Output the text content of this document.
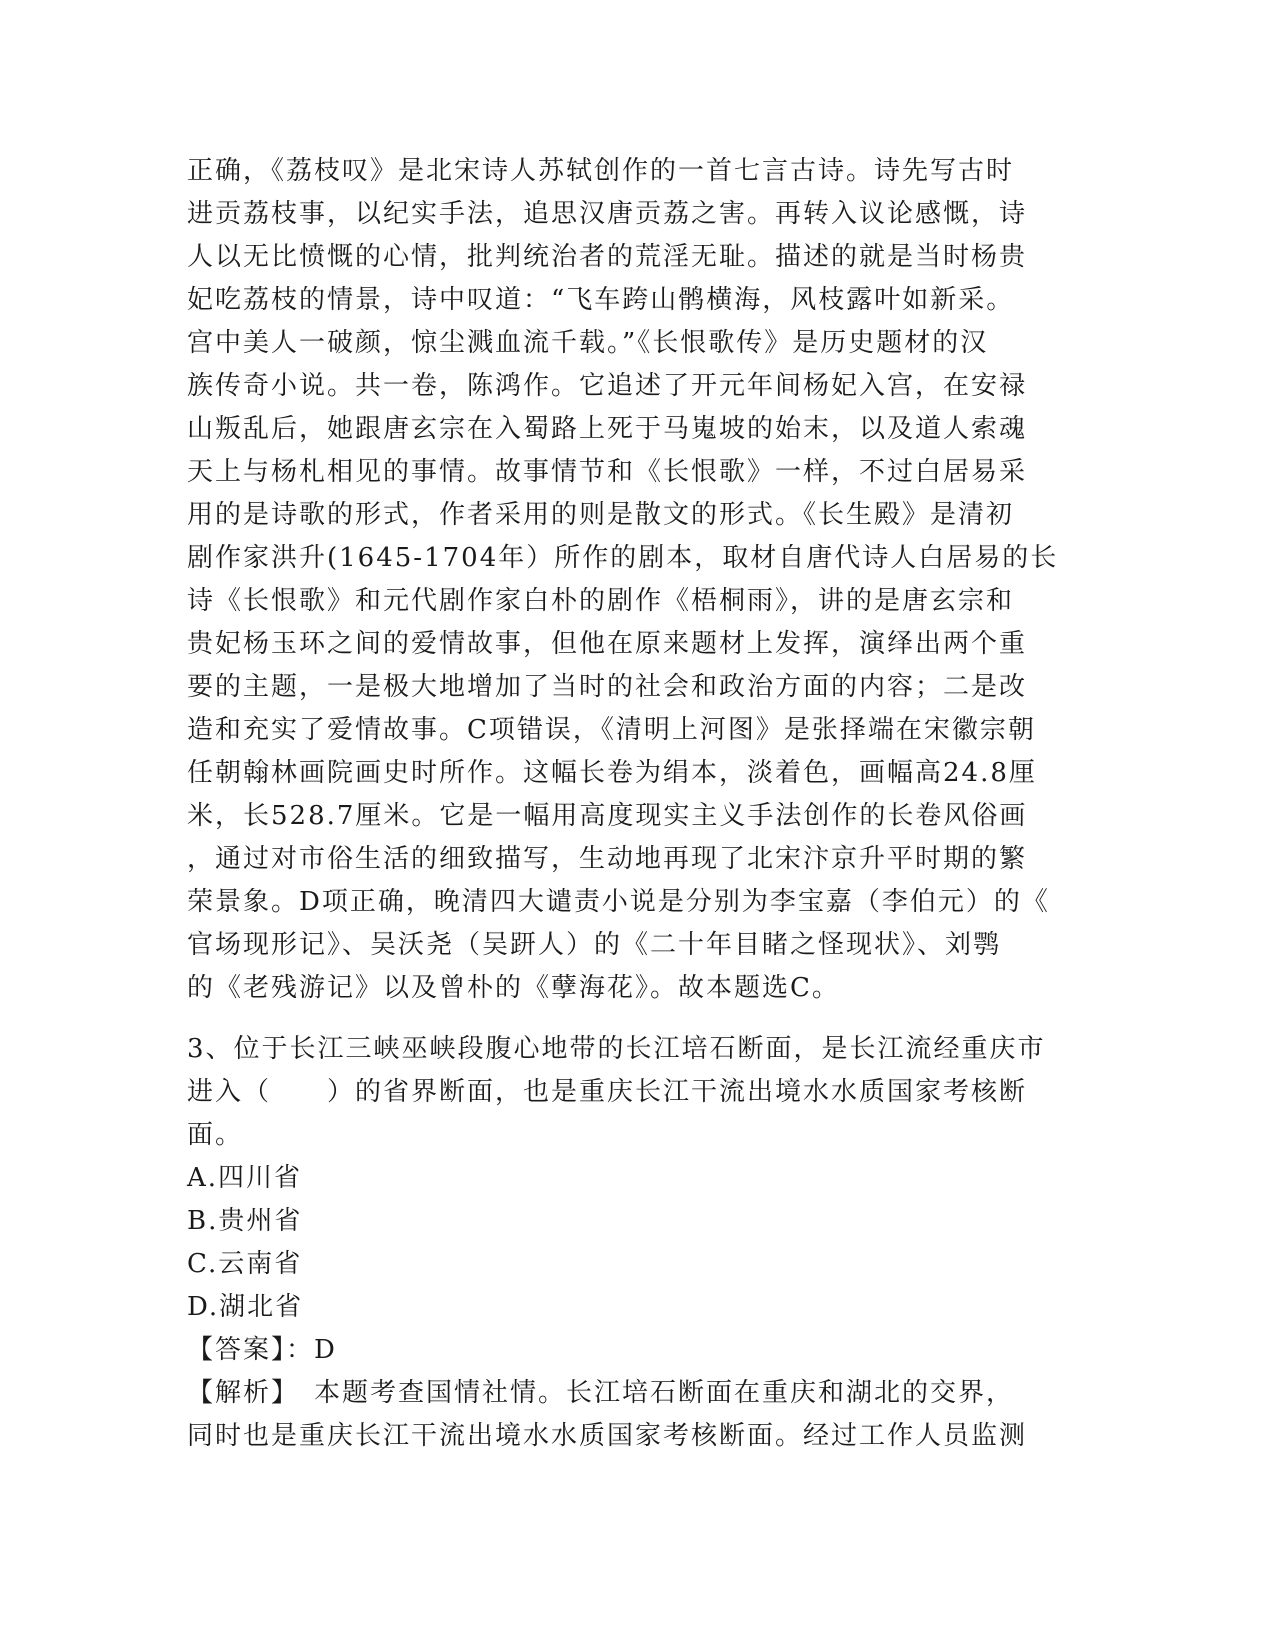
正确，《荔枝叹》是北宋诗人苏轼创作的一首七言古诗。诗先写古时
进贡荔枝事，以纪实手法，追思汉唐贡荔之害。再转入议论感慨，诗
人以无比愤慨的心情，批判统治者的荒淫无耻。描述的就是当时杨贵
妃吃荔枝的情景，诗中叹道：“飞车跨山鹘横海，风枝露叶如新采。
宫中美人一破颜，惊尘溅血流千载。”《长恨歌传》是历史题材的汉
族传奇小说。共一卷，陈鸿作。它追述了开元年间杨妃入宫，在安禄
山叛乱后，她跟唐玄宗在入蜀路上死于马嵬坡的始末，以及道人索魂
天上与杨札相见的事情。故事情节和《长恨歌》一样，不过白居易采
用的是诗歌的形式，作者采用的则是散文的形式。《长生殿》是清初
剧作家洪升(1645-1704年）所作的剧本，取材自唐代诗人白居易的长
诗《长恨歌》和元代剧作家白朴的剧作《梧桐雨》，讲的是唐玄宗和
贵妃杨玉环之间的爱情故事，但他在原来题材上发挥，演绎出两个重
要的主题，一是极大地增加了当时的社会和政治方面的内容；二是改
造和充实了爱情故事。C项错误，《清明上河图》是张择端在宋徽宗朝
任朝翰林画院画史时所作。这幅长卷为绢本，淡着色，画幅高24.8厘
米，长528.7厘米。它是一幅用高度现实主义手法创作的长卷风俗画
，通过对市俗生活的细致描写，生动地再现了北宋汴京升平时期的繁
荣景象。D项正确，晚清四大谴责小说是分别为李宝嘉（李伯元）的《
官场现形记》、吴沃尧（吴趼人）的《二十年目睹之怪现状》、刘鹗
的《老残游记》以及曾朴的《孽海花》。故本题选C。
3、位于长江三峡巫峡段腹心地带的长江培石断面，是长江流经重庆市
进入（　　）的省界断面，也是重庆长江干流出境水水质国家考核断
面。
A.四川省
B.贵州省
C.云南省
D.湖北省
【答案】：D
【解析】　本题考查国情社情。长江培石断面在重庆和湖北的交界，
同时也是重庆长江干流出境水水质国家考核断面。经过工作人员监测
